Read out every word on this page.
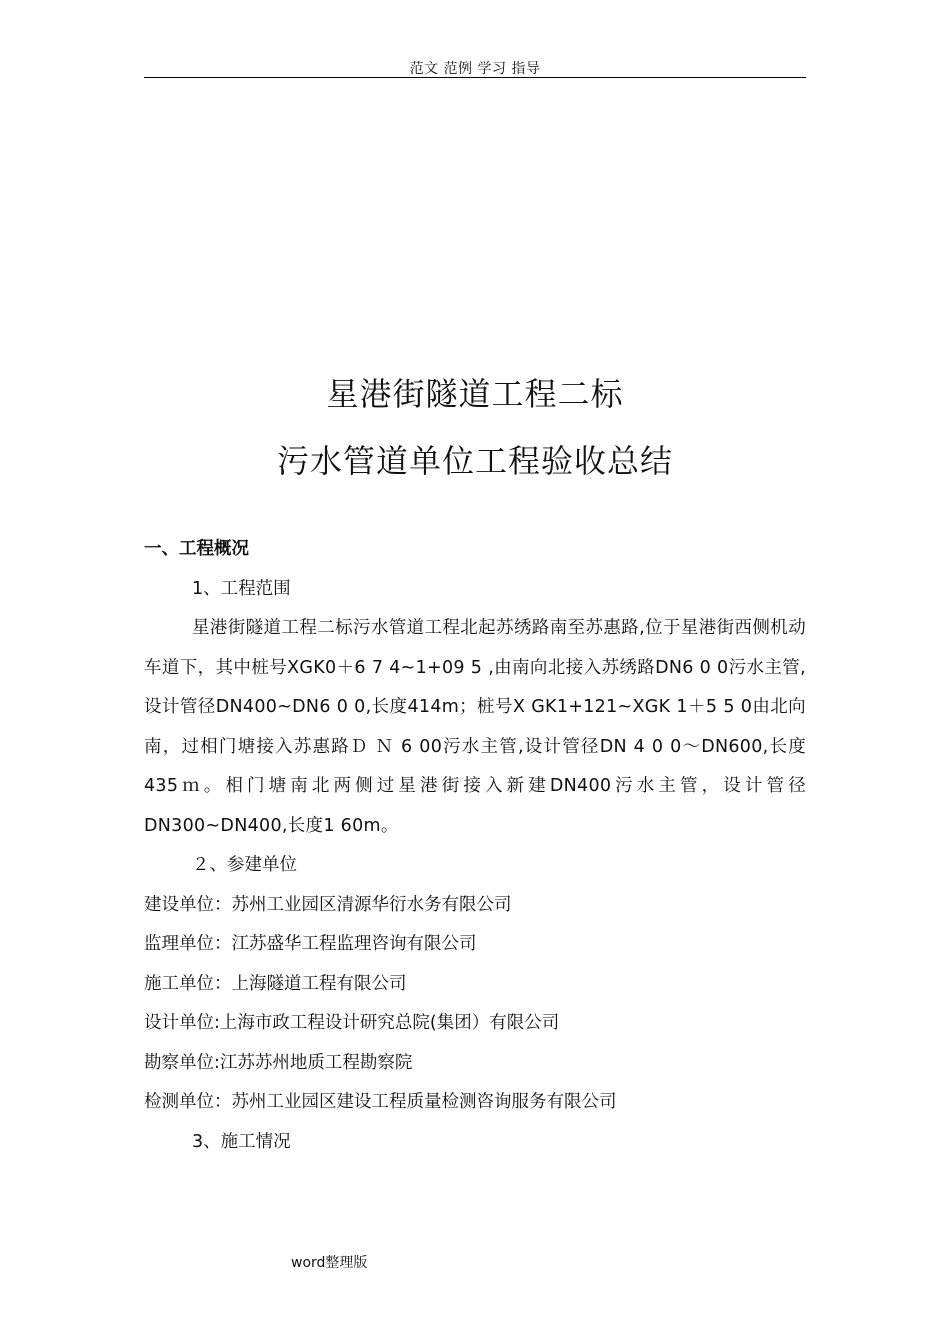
范文 范例 学习 指导
星港街隧道工程二标
污水管道单位工程验收总结

一、工程概况

1、工程范围

星港街隧道工程二标污水管道工程北起苏绣路南至苏惠路,位于星港街西侧机动车道下，其中桩号XGK0＋6 7 4~1+09 5 ,由南向北接入苏绣路DN6 0 0污水主管,设计管径DN400~DN6 0 0,长度414m；桩号X GK1+121~XGK 1＋5 5 0由北向南，过相门塘接入苏惠路Ｄ Ｎ 6 00污水主管,设计管径DN 4 0 0～DN600,长度435ｍ。相门塘南北两侧过星港街接入新建DN400污水主管，设计管径DN300~DN400,长度1 60m。

２、参建单位

建设单位：苏州工业园区清源华衍水务有限公司

监理单位：江苏盛华工程监理咨询有限公司

施工单位：上海隧道工程有限公司

设计单位:上海市政工程设计研究总院(集团）有限公司

勘察单位:江苏苏州地质工程勘察院

检测单位：苏州工业园区建设工程质量检测咨询服务有限公司

3、施工情况

word整理版
